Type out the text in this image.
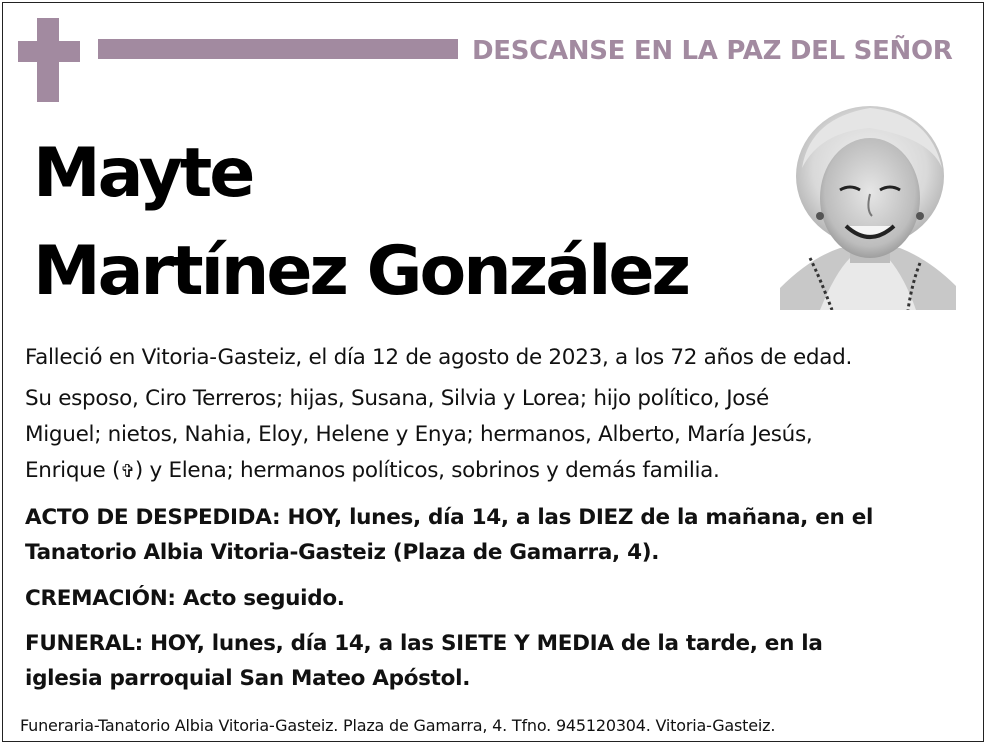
DESCANSE EN LA PAZ DEL SEÑOR
Mayte
Martínez González
Falleció en Vitoria-Gasteiz, el día 12 de agosto de 2023, a los 72 años de edad.
Su esposo, Ciro Terreros; hijas, Susana, Silvia y Lorea; hijo político, José
Miguel; nietos, Nahia, Eloy, Helene y Enya; hermanos, Alberto, María Jesús,
Enrique (✞) y Elena; hermanos políticos, sobrinos y demás familia.
ACTO DE DESPEDIDA: HOY, lunes, día 14, a las DIEZ de la mañana, en el
Tanatorio Albia Vitoria-Gasteiz (Plaza de Gamarra, 4).
CREMACIÓN: Acto seguido.
FUNERAL: HOY, lunes, día 14, a las SIETE Y MEDIA de la tarde, en la
iglesia parroquial San Mateo Apóstol.
Funeraria-Tanatorio Albia Vitoria-Gasteiz. Plaza de Gamarra, 4. Tfno. 945120304. Vitoria-Gasteiz.
